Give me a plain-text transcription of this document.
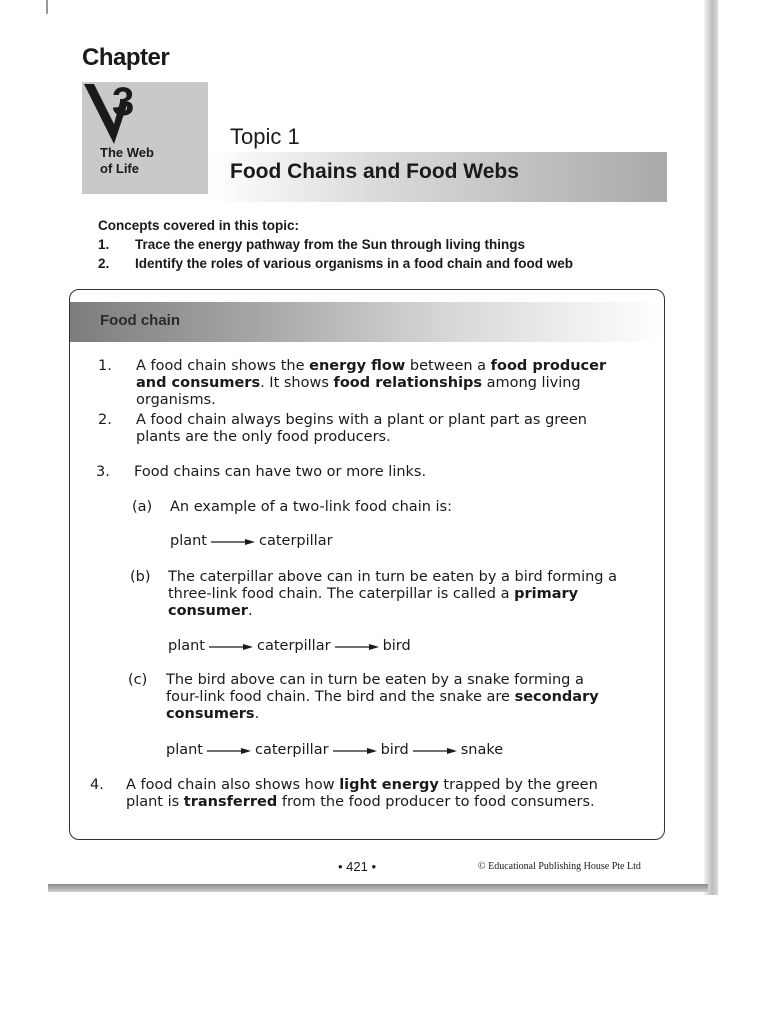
Chapter
3
The Web
of Life
Topic 1
Food Chains and Food Webs
Concepts covered in this topic:
1.	Trace the energy pathway from the Sun through living things
2.	Identify the roles of various organisms in a food chain and food web
Food chain
1. A food chain shows the energy flow between a food producer and consumers. It shows food relationships among living organisms.
2. A food chain always begins with a plant or plant part as green plants are the only food producers.
3. Food chains can have two or more links.
(a) An example of a two-link food chain is:
plant	caterpillar
(b) The caterpillar above can in turn be eaten by a bird forming a three-link food chain. The caterpillar is called a primary consumer.
plant	caterpillar	bird
(c) The bird above can in turn be eaten by a snake forming a four-link food chain. The bird and the snake are secondary consumers.
plant	caterpillar	bird	snake
4. A food chain also shows how light energy trapped by the green plant is transferred from the food producer to food consumers.
• 421 •	© Educational Publishing House Pte Ltd
